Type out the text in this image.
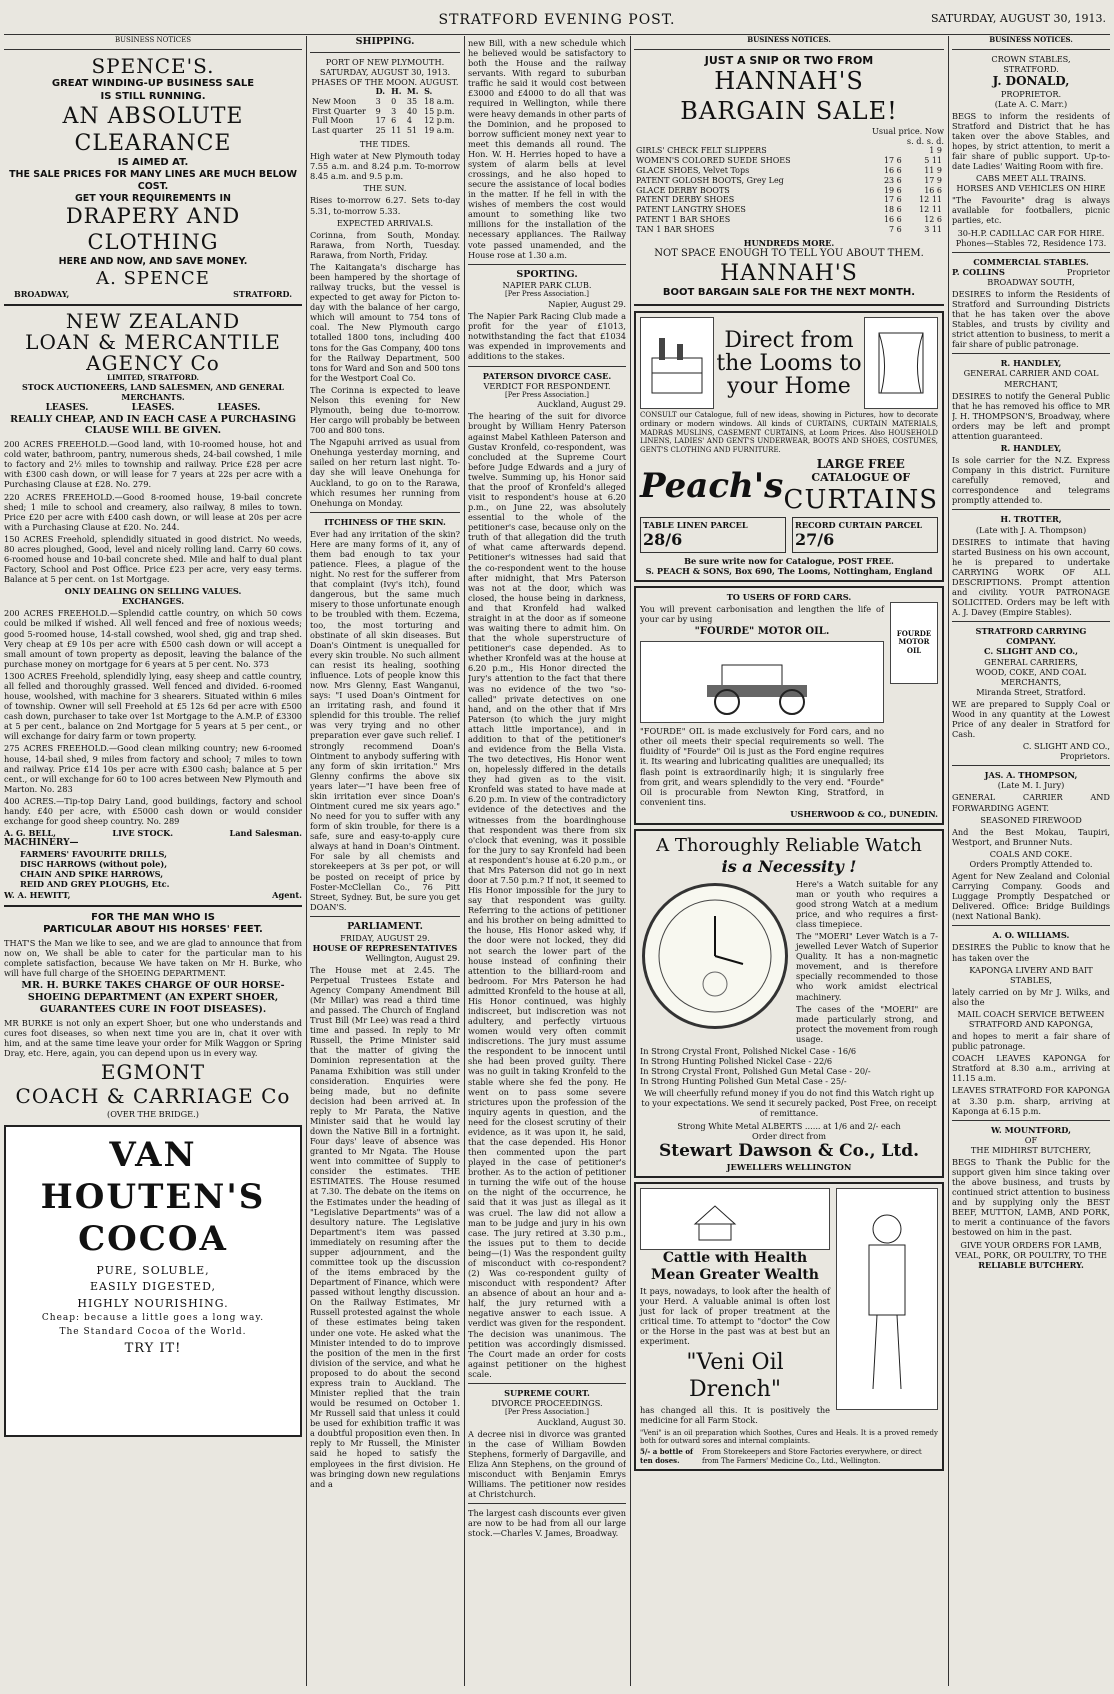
STRATFORD EVENING POST.	SATURDAY, AUGUST 30, 1913.
BUSINESS NOTICES
SPENCE'S.
GREAT WINDING-UP BUSINESS SALE
IS STILL RUNNING.
AN ABSOLUTE CLEARANCE
IS AIMED AT.
THE SALE PRICES FOR MANY LINES ARE MUCH BELOW COST.
GET YOUR REQUIREMENTS IN
DRAPERY AND CLOTHING
HERE AND NOW, AND SAVE MONEY.
A. SPENCE
BROADWAY,	STRATFORD.
NEW ZEALAND
LOAN & MERCANTILE
AGENCY Co
LIMITED, STRATFORD.
STOCK AUCTIONEERS, LAND SALESMEN, AND GENERAL MERCHANTS.
LEASES. LEASES. LEASES.
REALLY CHEAP, AND IN EACH CASE A PURCHASING CLAUSE WILL BE GIVEN.

200 ACRES FREEHOLD.—Good land, with 10-roomed house, hot and cold water, bathroom, pantry, numerous sheds, 24-bail cowshed, 1 mile to factory and 2½ miles to township and railway. Price £28 per acre with £300 cash down, or will lease for 7 years at 22s per acre with a Purchasing Clause at £28. No. 279.

220 ACRES FREEHOLD.—Good 8-roomed house, 19-bail concrete shed; 1 mile to school and creamery, also railway, 8 miles to town. Price £20 per acre with £400 cash down, or will lease at 20s per acre with a Purchasing Clause at £20. No. 244.

150 ACRES Freehold, splendidly situated in good district. No weeds, 80 acres ploughed, Good, level and nicely rolling land. Carry 60 cows. 6-roomed house and 10-bail concrete shed. Mile and half to dual plant Factory, School and Post Office. Price £23 per acre, very easy terms. Balance at 5 per cent. on 1st Mortgage.

ONLY DEALING ON SELLING VALUES.
EXCHANGES.

200 ACRES FREEHOLD.—Splendid cattle country, on which 50 cows could be milked if wished. All well fenced and free of noxious weeds; good 5-roomed house, 14-stall cowshed, wool shed, gig and trap shed. Very cheap at £9 10s per acre with £500 cash down or will accept a small amount of town property as deposit, leaving the balance of the purchase money on mortgage for 6 years at 5 per cent. No. 373

1300 ACRES Freehold, splendidly lying, easy sheep and cattle country, all felled and thoroughly grassed. Well fenced and divided. 6-roomed house, woolshed, with machine for 3 shearers. Situated within 6 miles of township. Owner will sell Freehold at £5 12s 6d per acre with £500 cash down, purchaser to take over 1st Mortgage to the A.M.P. of £3300 at 5 per cent., balance on 2nd Mortgage for 5 years at 5 per cent., or will exchange for dairy farm or town property.

275 ACRES FREEHOLD.—Good clean milking country; new 6-roomed house, 14-bail shed, 9 miles from factory and school; 7 miles to town and railway. Price £14 10s per acre with £300 cash; balance at 5 per cent., or will exchange for 60 to 100 acres between New Plymouth and Marton. No. 283

400 ACRES.—Tip-top Dairy Land, good buildings, factory and school handy. £40 per acre, with £5000 cash down or would consider exchange for good sheep country. No. 289

A. G. BELL,	LIVE STOCK.	Land Salesman.
MACHINERY—
FARMERS' FAVOURITE DRILLS,
DISC HARROWS (without pole),
CHAIN AND SPIKE HARROWS,
REID AND GREY PLOUGHS, Etc.
W. A. HEWITT,	Agent.
FOR THE MAN WHO IS
PARTICULAR ABOUT HIS HORSES' FEET.

THAT'S the Man we like to see, and we are glad to announce that from now on, We shall be able to cater for the particular man to his complete satisfaction, because We have taken on Mr H. Burke, who will have full charge of the SHOEING DEPARTMENT.

MR. H. BURKE TAKES CHARGE OF OUR HORSE-SHOEING DEPARTMENT (AN EXPERT SHOER, GUARANTEES CURE IN FOOT DISEASES).

MR BURKE is not only an expert Shoer, but one who understands and cures foot diseases, so when next time you are in, chat it over with him, and at the same time leave your order for Milk Waggon or Spring Dray, etc. Here, again, you can depend upon us in every way.

EGMONT
COACH & CARRIAGE Co
(OVER THE BRIDGE.)
VAN
HOUTEN'S
COCOA
PURE, SOLUBLE,
EASILY DIGESTED,
HIGHLY NOURISHING.
Cheap: because a little goes a long way.
The Standard Cocoa of the World.
TRY IT!
SHIPPING.
PORT OF NEW PLYMOUTH.
SATURDAY, AUGUST 30, 1913.
PHASES OF THE MOON. AUGUST.
	D.	H.	M.	S.
New Moon	3	0	35	18 a.m.
First Quarter	9	3	40	15 p.m.
Full Moon	17	6	4	12 p.m.
Last quarter	25	11	51	19 a.m.
THE TIDES.

High water at New Plymouth today 7.55 a.m. and 8.24 p.m. To-morrow 8.45 a.m. and 9.5 p.m.

THE SUN.

Rises to-morrow 6.27. Sets to-day 5.31, to-morrow 5.33.

EXPECTED ARRIVALS.

Corinna, from South, Monday. Rarawa, from North, Tuesday. Rarawa, from North, Friday.

The Kaitangata's discharge has been hampered by the shortage of railway trucks, but the vessel is expected to get away for Picton to-day with the balance of her cargo, which will amount to 754 tons of coal. The New Plymouth cargo totalled 1800 tons, including 400 tons for the Gas Company, 400 tons for the Railway Department, 500 tons for Ward and Son and 500 tons for the Westport Coal Co.

The Corinna is expected to leave Nelson this evening for New Plymouth, being due to-morrow. Her cargo will probably be between 700 and 800 tons.

The Ngapuhi arrived as usual from Onehunga yesterday morning, and sailed on her return last night. To-day she will leave Onehunga for Auckland, to go on to the Rarawa, which resumes her running from Onehunga on Monday.

ITCHINESS OF THE SKIN.

Ever had any irritation of the skin? Here are many forms of it, any of them bad enough to tax your patience. Flees, a plague of the night. No rest for the sufferer from that complaint (Ivy's itch), found dangerous, but the same much misery to those unfortunate enough to be troubled with them. Eczema, too, the most torturing and obstinate of all skin diseases. But Doan's Ointment is unequalled for every skin trouble. No such ailment can resist its healing, soothing influence. Lots of people know this now. Mrs Glenny, East Wanganui, says: "I used Doan's Ointment for an irritating rash, and found it splendid for this trouble. The relief was very trying and no other preparation ever gave such relief. I strongly recommend Doan's Ointment to anybody suffering with any form of skin irritation." Mrs Glenny confirms the above six years later—"I have been free of skin irritation ever since Doan's Ointment cured me six years ago." No need for you to suffer with any form of skin trouble, for there is a safe, sure and easy-to-apply cure always at hand in Doan's Ointment. For sale by all chemists and storekeepers at 3s per pot, or will be posted on receipt of price by Foster-McClellan Co., 76 Pitt Street, Sydney. But, be sure you get DOAN'S.

PARLIAMENT.
FRIDAY, AUGUST 29.
HOUSE OF REPRESENTATIVES
Wellington, August 29.

The House met at 2.45. The Perpetual Trustees Estate and Agency Company Amendment Bill (Mr Millar) was read a third time and passed. The Church of England Trust Bill (Mr Lee) was read a third time and passed. In reply to Mr Russell, the Prime Minister said that the matter of giving the Dominion representation at the Panama Exhibition was still under consideration. Enquiries were being made, but no definite decision had been arrived at. In reply to Mr Parata, the Native Minister said that he would lay down the Native Bill in a fortnight. Four days' leave of absence was granted to Mr Ngata. The House went into committee of Supply to consider the estimates. THE ESTIMATES. The House resumed at 7.30. The debate on the items on the Estimates under the heading of "Legislative Departments" was of a desultory nature. The Legislative Department's item was passed immediately on resuming after the supper adjournment, and the committee took up the discussion of the items embraced by the Department of Finance, which were passed without lengthy discussion. On the Railway Estimates, Mr Russell protested against the whole of these estimates being taken under one vote. He asked what the Minister intended to do to improve the position of the men in the first division of the service, and what he proposed to do about the second express train to Auckland. The Minister replied that the train would be resumed on October 1. Mr Russell said that unless it could be used for exhibition traffic it was a doubtful proposition even then. In reply to Mr Russell, the Minister said he hoped to satisfy the employees in the first division. He was bringing down new regulations and a

new Bill, with a new schedule which he believed would be satisfactory to both the House and the railway servants. With regard to suburban traffic he said it would cost between £3000 and £4000 to do all that was required in Wellington, while there were heavy demands in other parts of the Dominion, and he proposed to borrow sufficient money next year to meet this demands all round. The Hon. W. H. Herries hoped to have a system of alarm bells at level crossings, and he also hoped to secure the assistance of local bodies in the matter. If he fell in with the wishes of members the cost would amount to something like two millions for the installation of the necessary appliances. The Railway vote passed unamended, and the House rose at 1.30 a.m.

SPORTING.
NAPIER PARK CLUB.
[Per Press Association.]
Napier, August 29.

The Napier Park Racing Club made a profit for the year of £1013, notwithstanding the fact that £1034 was expended in improvements and additions to the stakes.

PATERSON DIVORCE CASE.
VERDICT FOR RESPONDENT.
[Per Press Association.]
Auckland, August 29.

The hearing of the suit for divorce brought by William Henry Paterson against Mabel Kathleen Paterson and Gustav Kronfeld, co-respondent, was concluded at the Supreme Court before Judge Edwards and a jury of twelve. Summing up, his Honor said that the proof of Kronfeld's alleged visit to respondent's house at 6.20 p.m., on June 22, was absolutely essential to the whole of the petitioner's case, because only on the truth of that allegation did the truth of what came afterwards depend. Petitioner's witnesses had said that the co-respondent went to the house after midnight, that Mrs Paterson was not at the door, which was closed, the house being in darkness, and that Kronfeld had walked straight in at the door as if someone was waiting there to admit him. On that the whole superstructure of petitioner's case depended. As to whether Kronfeld was at the house at 6.20 p.m., His Honor directed the Jury's attention to the fact that there was no evidence of the two "so-called" private detectives on one hand, and on the other that if Mrs Paterson (to which the jury might attach little importance), and in addition to that of the petitioner's and evidence from the Bella Vista. The two detectives, His Honor went on, hopelessly differed in the details they had given as to the visit. Kronfeld was stated to have made at 6.20 p.m. In view of the contradictory evidence of the detectives and the witnesses from the boardinghouse that respondent was there from six o'clock that evening, was it possible for the jury to say Kronfeld had been at respondent's house at 6.20 p.m., or that Mrs Paterson did not go in next door at 7.50 p.m.? If not, it seemed to His Honor impossible for the jury to say that respondent was guilty. Referring to the actions of petitioner and his brother on being admitted to the house, His Honor asked why, if the door were not locked, they did not search the lower part of the house instead of confining their attention to the billiard-room and bedroom. For Mrs Paterson he had admitted Kronfeld to the house at all, His Honor continued, was highly indiscreet, but indiscretion was not adultery, and perfectly virtuous women would very often commit indiscretions. The jury must assume the respondent to be innocent until she had been proved guilty. There was no guilt in taking Kronfeld to the stable where she fed the pony. He went on to pass some severe strictures upon the profession of the inquiry agents in question, and the need for the closest scrutiny of their evidence, as it was upon it, he said, that the case depended. His Honor then commented upon the part played in the case of petitioner's brother. As to the action of petitioner in turning the wife out of the house on the night of the occurrence, he said that it was just as illegal as it was cruel. The law did not allow a man to be judge and jury in his own case. The jury retired at 3.30 p.m., the issues put to them to decide being—(1) Was the respondent guilty of misconduct with co-respondent? (2) Was co-respondent guilty of misconduct with respondent? After an absence of about an hour and a-half, the jury returned with a negative answer to each issue. A verdict was given for the respondent. The decision was unanimous. The petition was accordingly dismissed. The Court made an order for costs against petitioner on the highest scale.

SUPREME COURT.
DIVORCE PROCEEDINGS.
[Per Press Association.]
Auckland, August 30.

A decree nisi in divorce was granted in the case of William Bowden Stephens, formerly of Dargaville, and Eliza Ann Stephens, on the ground of misconduct with Benjamin Emrys Williams. The petitioner now resides at Christchurch.

The largest cash discounts ever given are now to be had from all our large stock.—Charles V. James, Broadway.

BUSINESS NOTICES.
JUST A SNIP OR TWO FROM
HANNAH'S
BARGAIN SALE!
Usual price. Now
s. d. s. d.
GIRLS' CHECK FELT SLIPPERS		1 9
WOMEN'S COLORED SUEDE SHOES	17 6	5 11
GLACE SHOES, Velvet Tops	16 6	11 9
PATENT GOLOSH BOOTS, Grey Leg	23 6	17 9
GLACE DERBY BOOTS	19 6	16 6
PATENT DERBY SHOES	17 6	12 11
PATENT LANGTRY SHOES	18 6	12 11
PATENT 1 BAR SHOES	16 6	12 6
TAN 1 BAR SHOES	7 6	3 11
HUNDREDS MORE.
NOT SPACE ENOUGH TO TELL YOU ABOUT THEM.
HANNAH'S
BOOT BARGAIN SALE FOR THE NEXT MONTH.
Direct from
the Looms to
your Home

CONSULT our Catalogue, full of new ideas, showing in Pictures, how to decorate ordinary or modern windows. All kinds of CURTAINS, CURTAIN MATERIALS, MADRAS MUSLINS, CASEMENT CURTAINS, at Loom Prices. Also HOUSEHOLD LINENS, LADIES' AND GENT'S UNDERWEAR, BOOTS AND SHOES, COSTUMES, GENT'S CLOTHING AND FURNITURE.

Peach's
LARGE FREE
CATALOGUE OF
CURTAINS
TABLE LINEN PARCEL
28/6
RECORD CURTAIN PARCEL
27/6
Be sure write now for Catalogue, POST FREE.
S. PEACH & SONS, Box 690, The Looms, Nottingham, England
TO USERS OF FORD CARS.

You will prevent carbonisation and lengthen the life of your car by using

"FOURDE" MOTOR OIL.

"FOURDE" OIL is made exclusively for Ford cars, and no other oil meets their special requirements so well. The fluidity of "Fourde" Oil is just as the Ford engine requires it. Its wearing and lubricating qualities are unequalled; its flash point is extraordinarily high; it is singularly free from grit, and wears splendidly to the very end. "Fourde" Oil is procurable from Newton King, Stratford, in convenient tins.

FOURDE MOTOR OIL
USHERWOOD & CO., DUNEDIN.
A Thoroughly Reliable Watch
is a Necessity !

Here's a Watch suitable for any man or youth who requires a good strong Watch at a medium price, and who requires a first-class timepiece.

The "MOERI" Lever Watch is a 7-jewelled Lever Watch of Superior Quality. It has a non-magnetic movement, and is therefore specially recommended to those who work amidst electrical machinery.

The cases of the "MOERI" are made particularly strong, and protect the movement from rough usage.

In Strong Crystal Front, Polished Nickel Case - 16/6
In Strong Hunting Polished Nickel Case - 22/6
In Strong Crystal Front, Polished Gun Metal Case - 20/-
In Strong Hunting Polished Gun Metal Case - 25/-

We will cheerfully refund money if you do not find this Watch right up to your expectations. We send it securely packed, Post Free, on receipt of remittance.

Strong White Metal ALBERTS ...... at 1/6 and 2/- each
Order direct from
Stewart Dawson & Co., Ltd.
JEWELLERS WELLINGTON
Cattle with Health
Mean Greater Wealth

It pays, nowadays, to look after the health of your Herd. A valuable animal is often lost just for lack of proper treatment at the critical time. To attempt to "doctor" the Cow or the Horse in the past was at best but an experiment.

"Veni Oil Drench"

has changed all this. It is positively the medicine for all Farm Stock.

"Veni" is an oil preparation which Soothes, Cures and Heals. It is a proved remedy both for outward sores and internal complaints.

5/- a bottle of ten doses.
From Storekeepers and Store Factories everywhere, or direct from The Farmers' Medicine Co., Ltd., Wellington.
BUSINESS NOTICES.
CROWN STABLES,
STRATFORD.
J. DONALD,
PROPRIETOR.
(Late A. C. Marr.)

BEGS to inform the residents of Stratford and District that he has taken over the above Stables, and hopes, by strict attention, to merit a fair share of public support. Up-to-date Ladies' Waiting Room with fire.

CABS MEET ALL TRAINS.
HORSES AND VEHICLES ON HIRE

"The Favourite" drag is always available for footballers, picnic parties, etc.

30-H.P. CADILLAC CAR FOR HIRE.
Phones—Stables 72, Residence 173.
COMMERCIAL STABLES.
P. COLLINS	Proprietor
BROADWAY SOUTH,

DESIRES to inform the Residents of Stratford and Surrounding Districts that he has taken over the above Stables, and trusts by civility and strict attention to business, to merit a fair share of public patronage.

R. HANDLEY,
GENERAL CARRIER AND COAL MERCHANT,

DESIRES to notify the General Public that he has removed his office to MR J. H. THOMPSON'S, Broadway, where orders may be left and prompt attention guaranteed.

R. HANDLEY,

Is sole carrier for the N.Z. Express Company in this district. Furniture carefully removed, and correspondence and telegrams promptly attended to.

H. TROTTER,
(Late with J. A. Thompson)

DESIRES to intimate that having started Business on his own account, he is prepared to undertake CARRYING WORK OF ALL DESCRIPTIONS. Prompt attention and civility. YOUR PATRONAGE SOLICITED. Orders may be left with A. J. Davey (Empire Stables).

STRATFORD CARRYING COMPANY.
C. SLIGHT AND CO.,
GENERAL CARRIERS,
WOOD, COKE, AND COAL MERCHANTS,
Miranda Street, Stratford.

WE are prepared to Supply Coal or Wood in any quantity at the Lowest Price of any dealer in Stratford for Cash.

C. SLIGHT AND CO.,
Proprietors.
JAS. A. THOMPSON,
(Late M. I. Jury)

GENERAL CARRIER AND FORWARDING AGENT.

SEASONED FIREWOOD

And the Best Mokau, Taupiri, Westport, and Brunner Nuts.

COALS AND COKE.
Orders Promptly Attended to.

Agent for New Zealand and Colonial Carrying Company. Goods and Luggage Promptly Despatched or Delivered. Office: Bridge Buildings (next National Bank).

A. O. WILLIAMS.

DESIRES the Public to know that he has taken over the

KAPONGA LIVERY AND BAIT STABLES,

lately carried on by Mr J. Wilks, and also the

MAIL COACH SERVICE BETWEEN STRATFORD AND KAPONGA,

and hopes to merit a fair share of public patronage.

COACH LEAVES KAPONGA for Stratford at 8.30 a.m., arriving at 11.15 a.m.

LEAVES STRATFORD FOR KAPONGA at 3.30 p.m. sharp, arriving at Kaponga at 6.15 p.m.

W. MOUNTFORD,
OF
THE MIDHIRST BUTCHERY,

BEGS to Thank the Public for the support given him since taking over the above business, and trusts by continued strict attention to business and by supplying only the BEST BEEF, MUTTON, LAMB, AND PORK, to merit a continuance of the favors bestowed on him in the past.

GIVE YOUR ORDERS FOR LAMB, VEAL, PORK, OR POULTRY, TO THE
RELIABLE BUTCHERY.
